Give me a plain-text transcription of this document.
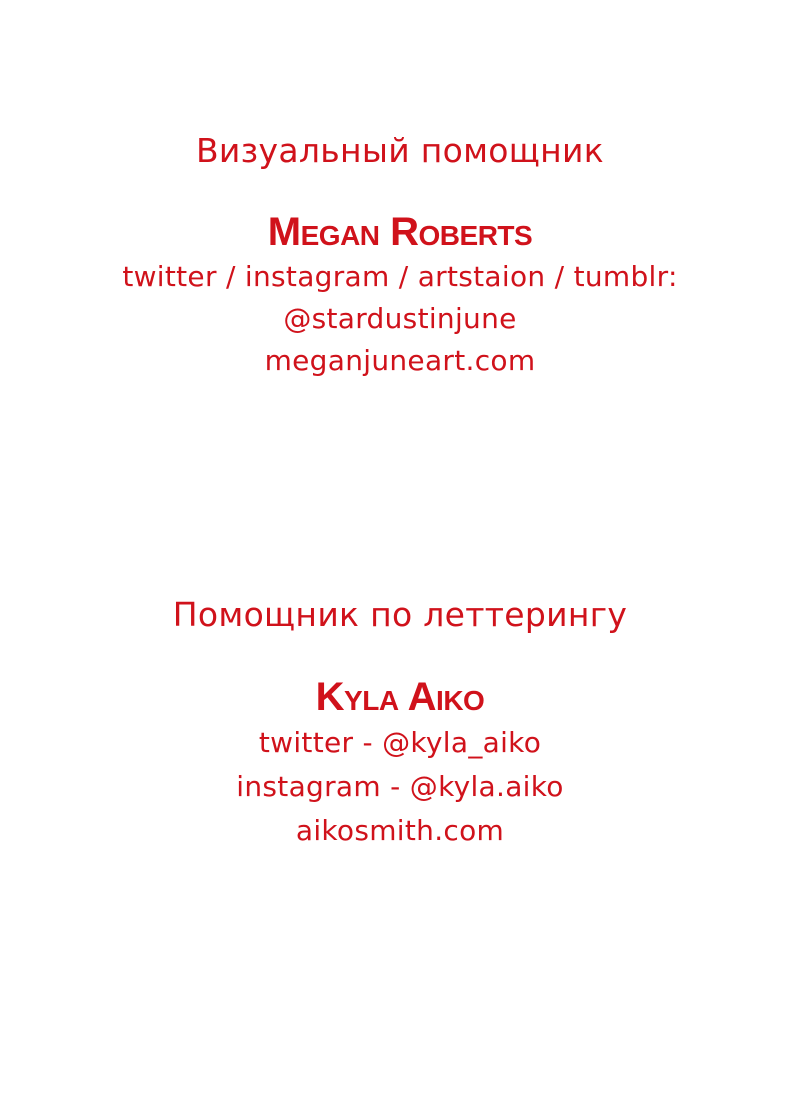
Визуальный помощник
Megan Roberts
twitter / instagram / artstaion / tumblr:
@stardustinjune
meganjuneart.com
Помощник по леттерингу
Kyla Aiko
twitter - @kyla_aiko
instagram - @kyla.aiko
aikosmith.com
